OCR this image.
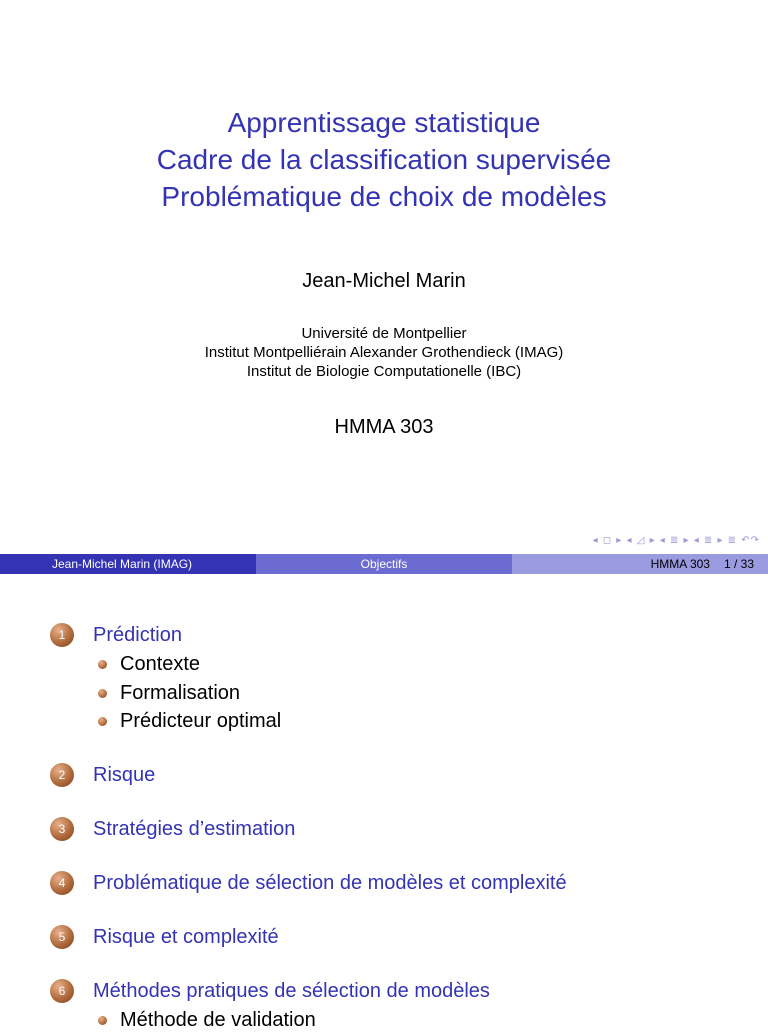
Apprentissage statistique
Cadre de la classification supervisée
Problématique de choix de modèles
Jean-Michel Marin
Université de Montpellier
Institut Montpelliérain Alexander Grothendieck (IMAG)
Institut de Biologie Computationelle (IBC)
HMMA 303
◂ ◻ ▸ ◂ ◿ ▸ ◂ ≣ ▸ ◂ ≣ ▸ ≣ ↶↷
Jean-Michel Marin (IMAG)	Objectifs	HMMA 303 1 / 33
1	Prédiction
Contexte
Formalisation
Prédicteur optimal
2	Risque
3	Stratégies d’estimation
4	Problématique de sélection de modèles et complexité
5	Risque et complexité
6	Méthodes pratiques de sélection de modèles
Méthode de validation
